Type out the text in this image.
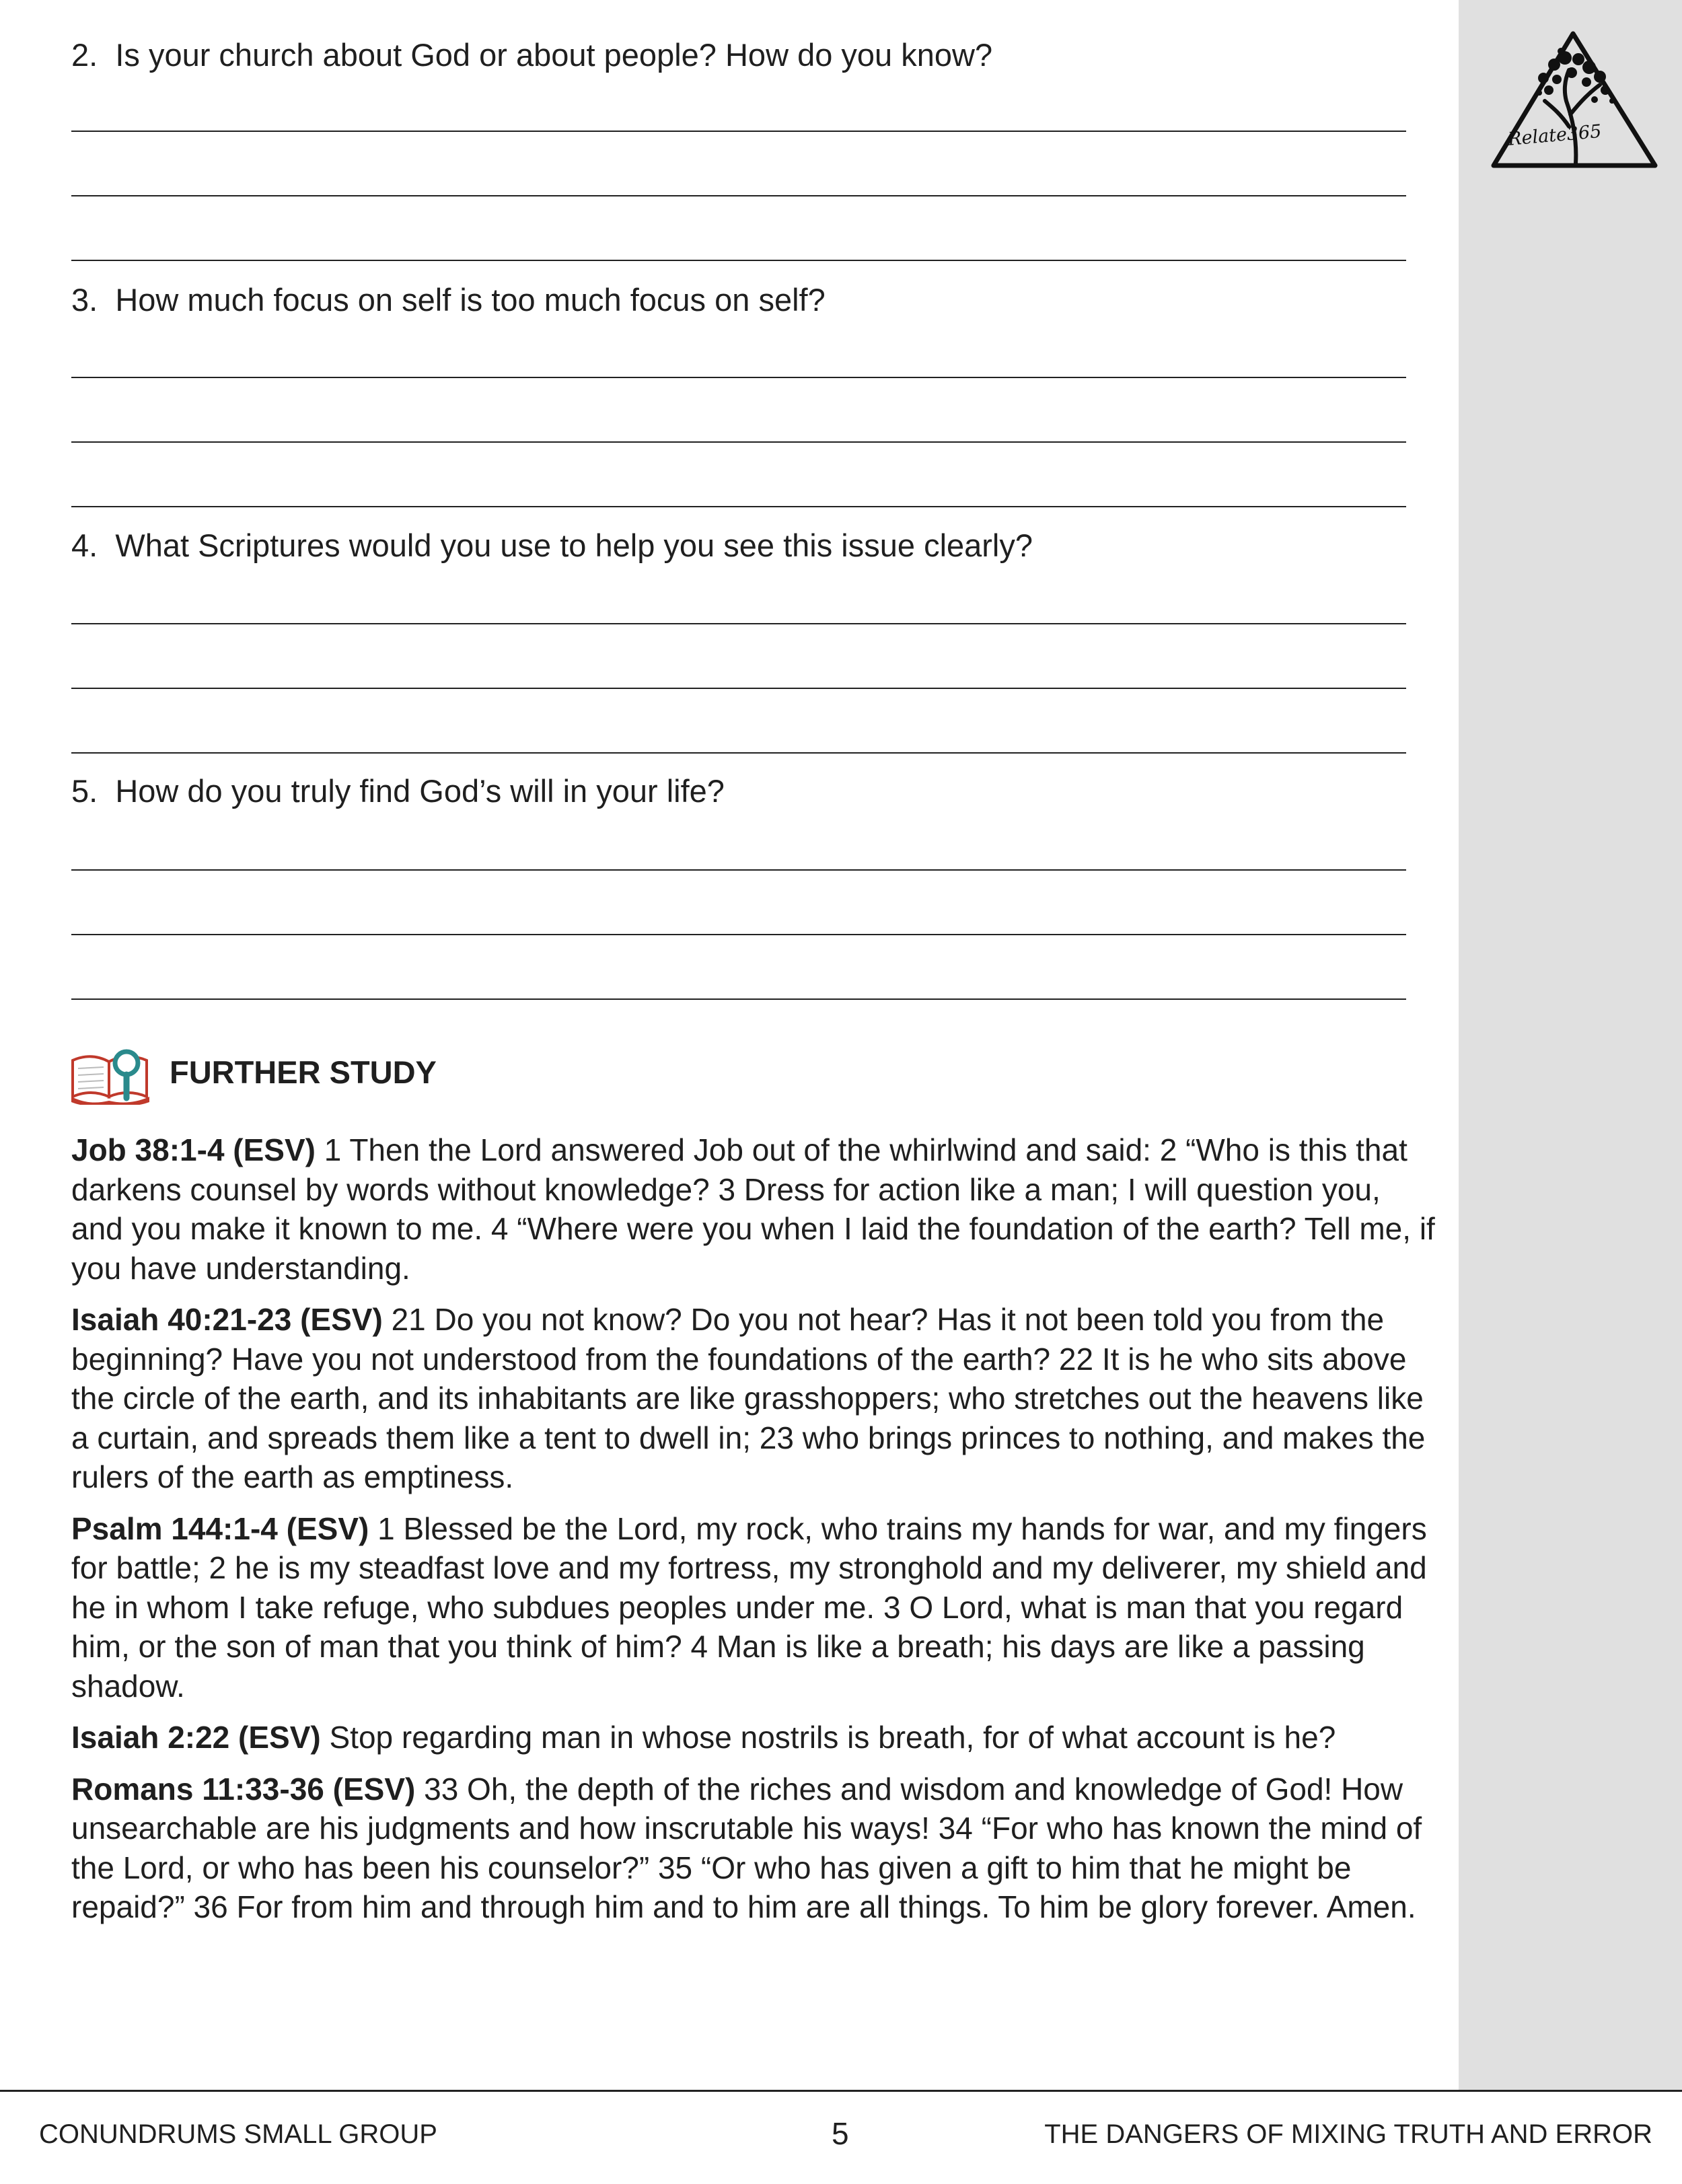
Relate365
2. Is your church about God or about people? How do you know?
3. How much focus on self is too much focus on self?
4. What Scriptures would you use to help you see this issue clearly?
5. How do you truly find God’s will in your life?
FURTHER STUDY

Job 38:1-4 (ESV) 1 Then the Lord answered Job out of the whirlwind and said: 2 “Who is this that darkens counsel by words without knowledge? 3 Dress for action like a man; I will question you, and you make it known to me. 4 “Where were you when I laid the foundation of the earth? Tell me, if you have understanding.

Isaiah 40:21-23 (ESV) 21 Do you not know? Do you not hear? Has it not been told you from the beginning? Have you not understood from the foundations of the earth? 22 It is he who sits above the circle of the earth, and its inhabitants are like grasshoppers; who stretches out the heavens like a curtain, and spreads them like a tent to dwell in; 23 who brings princes to nothing, and makes the rulers of the earth as emptiness.

Psalm 144:1-4 (ESV) 1 Blessed be the Lord, my rock, who trains my hands for war, and my fingers for battle; 2 he is my steadfast love and my fortress, my stronghold and my deliverer, my shield and he in whom I take refuge, who subdues peoples under me. 3 O Lord, what is man that you regard him, or the son of man that you think of him? 4 Man is like a breath; his days are like a passing shadow.

Isaiah 2:22 (ESV) Stop regarding man in whose nostrils is breath, for of what account is he?

Romans 11:33-36 (ESV) 33 Oh, the depth of the riches and wisdom and knowledge of God! How unsearchable are his judgments and how inscrutable his ways! 34 “For who has known the mind of the Lord, or who has been his counselor?” 35 “Or who has given a gift to him that he might be repaid?” 36 For from him and through him and to him are all things. To him be glory forever. Amen.

CONUNDRUMS SMALL GROUP	5	THE DANGERS OF MIXING TRUTH AND ERROR
